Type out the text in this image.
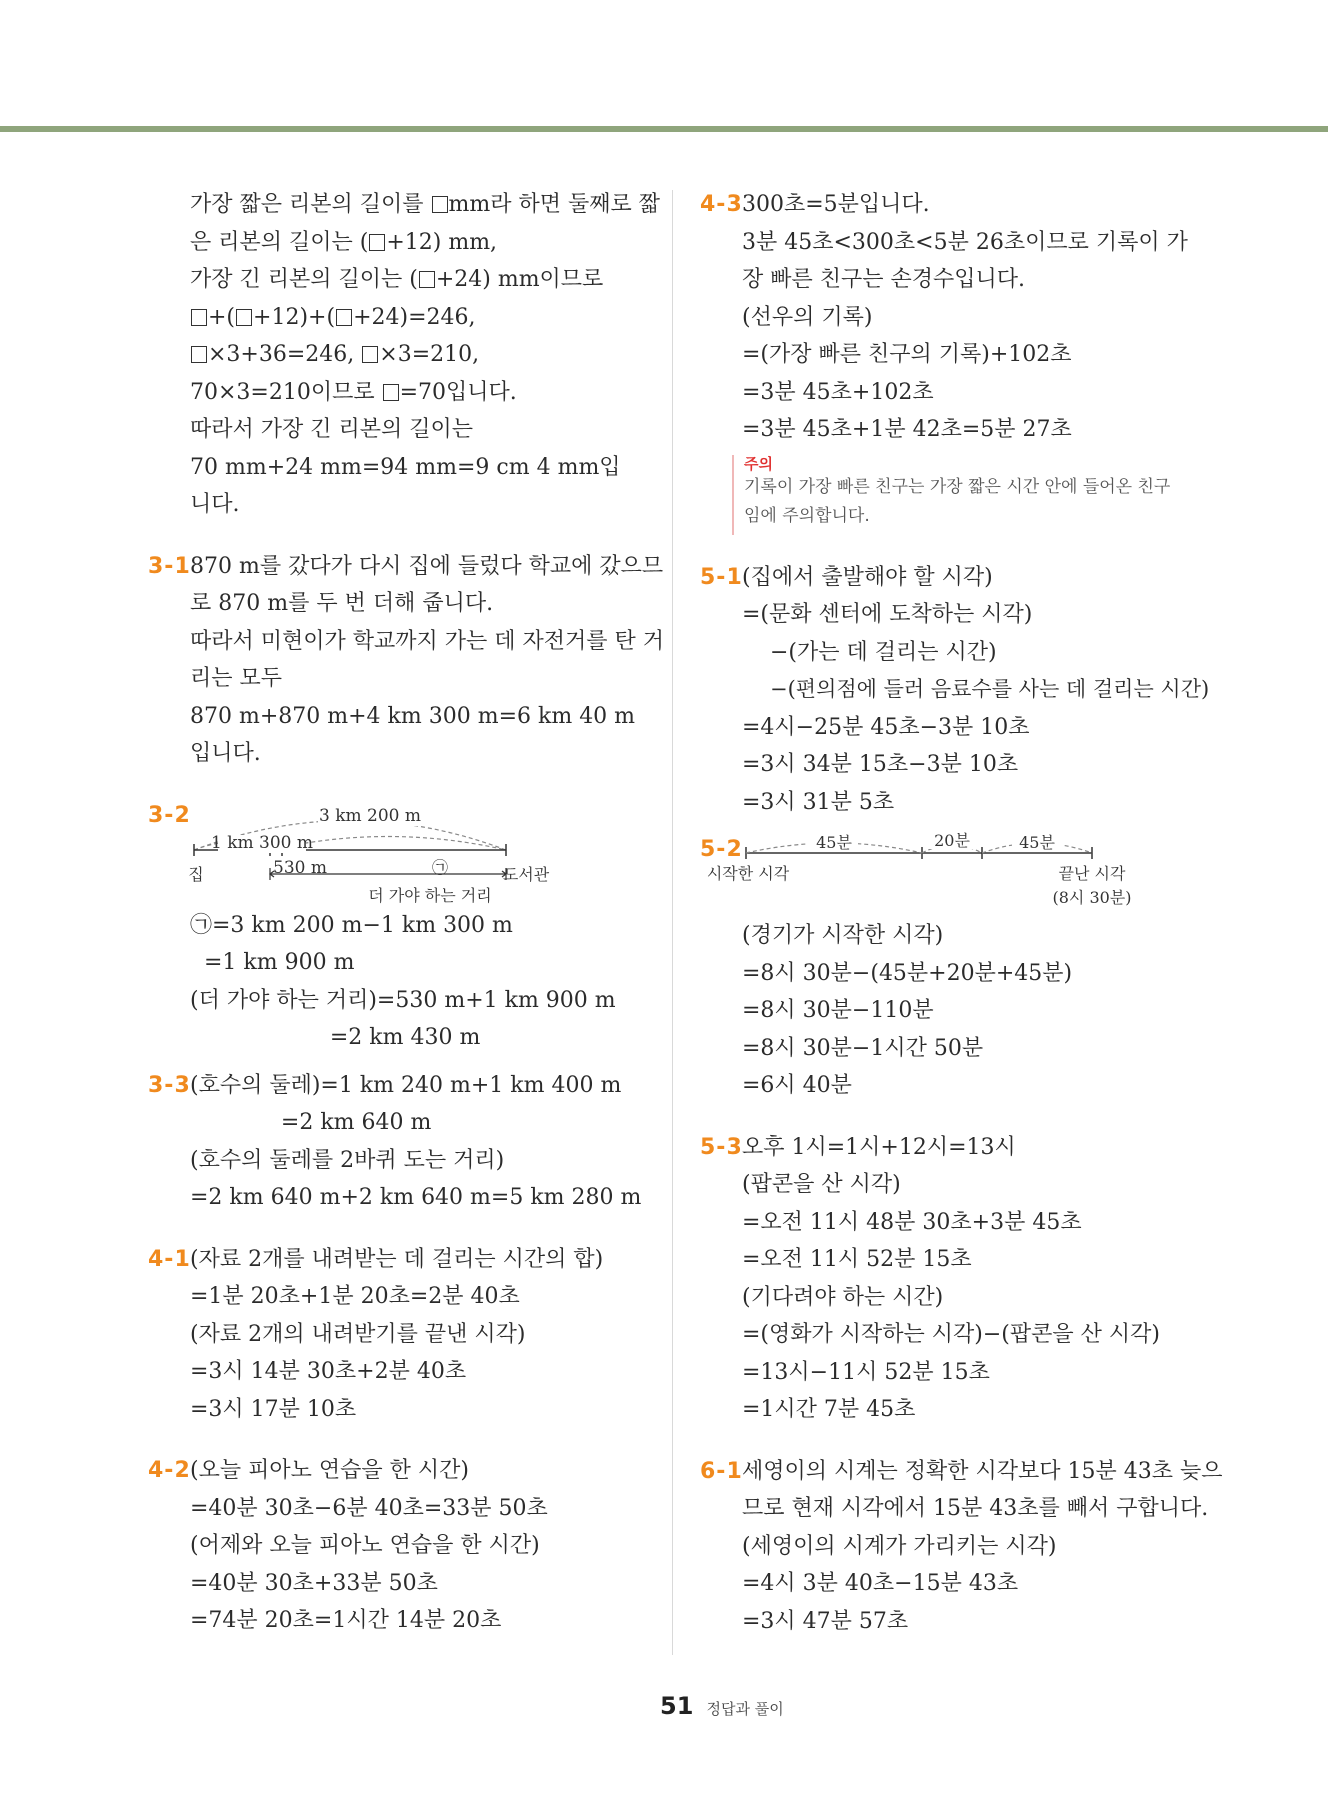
가장 짧은 리본의 길이를 mm라 하면 둘째로 짧
은 리본의 길이는 ( +12) mm,
가장 긴 리본의 길이는 ( +24) mm이므로
+( +12)+( +24)=246,
×3+36=246, ×3=210,
70×3=210이므로 =70입니다.
따라서 가장 긴 리본의 길이는
70 mm+24 mm=94 mm=9 cm 4 mm입
니다.
3-1 870 m를 갔다가 다시 집에 들렀다 학교에 갔으므
로 870 m를 두 번 더해 줍니다.
따라서 미현이가 학교까지 가는 데 자전거를 탄 거
리는 모두
870 m+870 m+4 km 300 m=6 km 40 m
입니다.
3-2	3 km 200 m
1 km 300 m
530 m	㉠
집	도서관
더 가야 하는 거리
㉠=3 km 200 m−1 km 300 m
=1 km 900 m
(더 가야 하는 거리)=530 m+1 km 900 m
=2 km 430 m
3-3 (호수의 둘레)=1 km 240 m+1 km 400 m
=2 km 640 m
(호수의 둘레를 2바퀴 도는 거리)
=2 km 640 m+2 km 640 m=5 km 280 m
4-1 (자료 2개를 내려받는 데 걸리는 시간의 합)
=1분 20초+1분 20초=2분 40초
(자료 2개의 내려받기를 끝낸 시각)
=3시 14분 30초+2분 40초
=3시 17분 10초
4-2 (오늘 피아노 연습을 한 시간)
=40분 30초−6분 40초=33분 50초
(어제와 오늘 피아노 연습을 한 시간)
=40분 30초+33분 50초
=74분 20초=1시간 14분 20초
4-3 300초=5분입니다.
3분 45초<300초<5분 26초이므로 기록이 가
장 빠른 친구는 손경수입니다.
(선우의 기록)
=(가장 빠른 친구의 기록)+102초
=3분 45초+102초
=3분 45초+1분 42초=5분 27초
주의
기록이 가장 빠른 친구는 가장 짧은 시간 안에 들어온 친구
임에 주의합니다.
5-1 (집에서 출발해야 할 시각)
=(문화 센터에 도착하는 시각)
−(가는 데 걸리는 시간)
−(편의점에 들러 음료수를 사는 데 걸리는 시간)
=4시−25분 45초−3분 10초
=3시 34분 15초−3분 10초
=3시 31분 5초
5-2	45분	20분	45분
시작한 시각	끝난 시각
(8시 30분)
(경기가 시작한 시각)
=8시 30분−(45분+20분+45분)
=8시 30분−110분
=8시 30분−1시간 50분
=6시 40분
5-3 오후 1시=1시+12시=13시
(팝콘을 산 시각)
=오전 11시 48분 30초+3분 45초
=오전 11시 52분 15초
(기다려야 하는 시간)
=(영화가 시작하는 시각)−(팝콘을 산 시각)
=13시−11시 52분 15초
=1시간 7분 45초
6-1 세영이의 시계는 정확한 시각보다 15분 43초 늦으
므로 현재 시각에서 15분 43초를 빼서 구합니다.
(세영이의 시계가 가리키는 시각)
=4시 3분 40초−15분 43초
=3시 47분 57초
51 정답과 풀이
